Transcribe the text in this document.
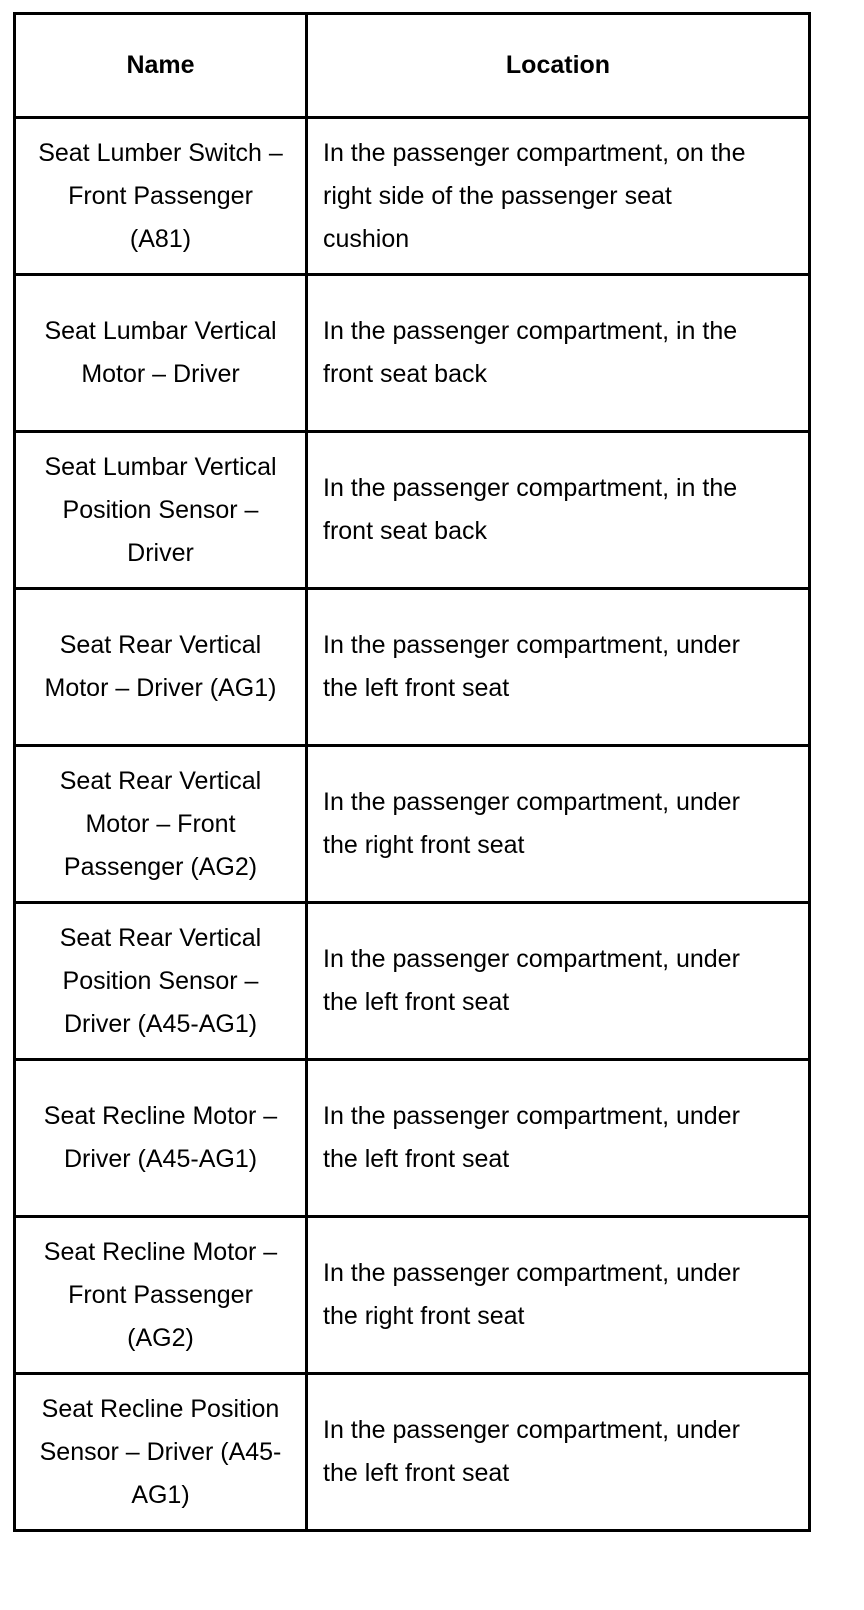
Name	Location
Seat Lumber Switch – Front Passenger (A81)	In the passenger compartment, on the right side of the passenger seat cushion
Seat Lumbar Vertical Motor – Driver	In the passenger compartment, in the front seat back
Seat Lumbar Vertical Position Sensor – Driver	In the passenger compartment, in the front seat back
Seat Rear Vertical Motor – Driver (AG1)	In the passenger compartment, under the left front seat
Seat Rear Vertical Motor – Front Passenger (AG2)	In the passenger compartment, under the right front seat
Seat Rear Vertical Position Sensor – Driver (A45-AG1)	In the passenger compartment, under the left front seat
Seat Recline Motor – Driver (A45-AG1)	In the passenger compartment, under the left front seat
Seat Recline Motor – Front Passenger (AG2)	In the passenger compartment, under the right front seat
Seat Recline Position Sensor – Driver (A45-AG1)	In the passenger compartment, under the left front seat
